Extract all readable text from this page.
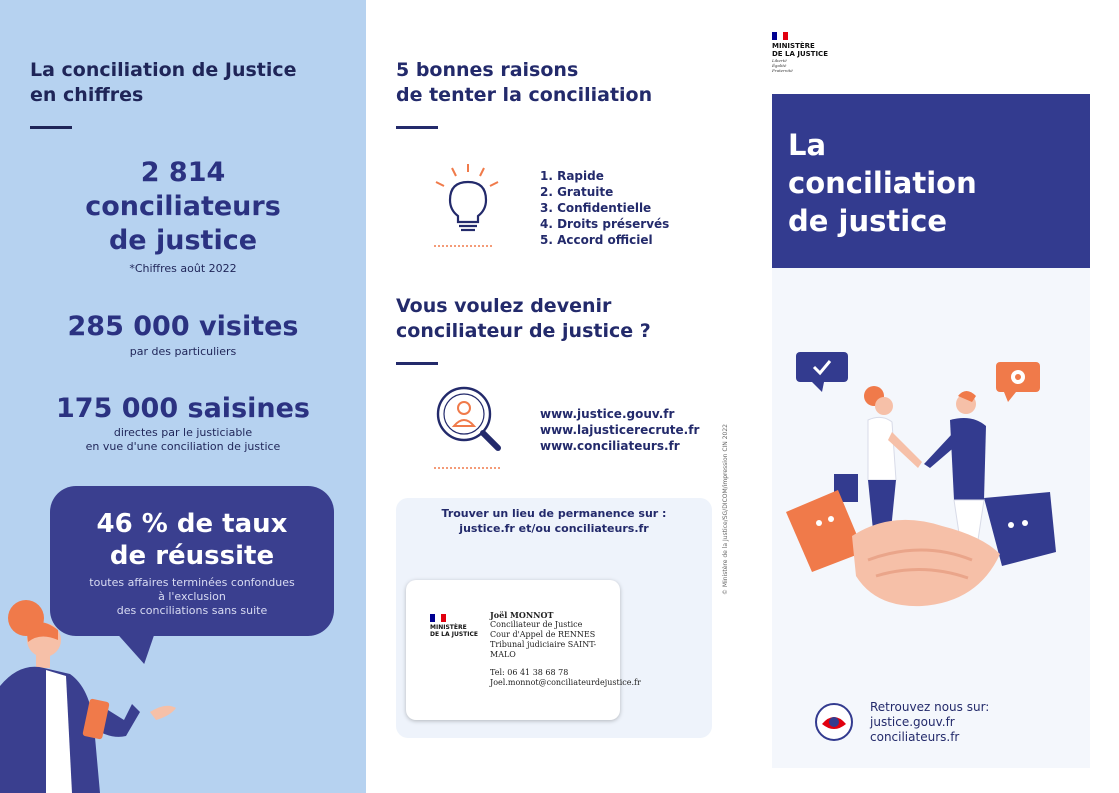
La conciliation de Justice
en chiffres
2 814
conciliateurs
de justice
*Chiffres août 2022
285 000 visites
par des particuliers
175 000 saisines
directes par le justiciable
en vue d'une conciliation de justice
46 % de taux
de réussite
toutes affaires terminées confondues
à l'exclusion
des conciliations sans suite
5 bonnes raisons
de tenter la conciliation
1. Rapide
2. Gratuite
3. Confidentielle
4. Droits préservés
5. Accord officiel
Vous voulez devenir
conciliateur de justice ?
www.justice.gouv.fr
www.lajusticerecrute.fr
www.conciliateurs.fr
Trouver un lieu de permanence sur :
justice.fr et/ou conciliateurs.fr
MINISTÈRE
DE LA JUSTICE
Joël MONNOT
Conciliateur de Justice
Cour d'Appel de RENNES
Tribunal judiciaire SAINT-MALO
Tel: 06 41 38 68 78
Joel.monnot@conciliateurdejustice.fr
© Ministère de la Justice/SG/DICOM/impression CIN 2022
MINISTÈRE
DE LA JUSTICE
Liberté
Égalité
Fraternité
La
conciliation
de justice
Retrouvez nous sur:
justice.gouv.fr
conciliateurs.fr
